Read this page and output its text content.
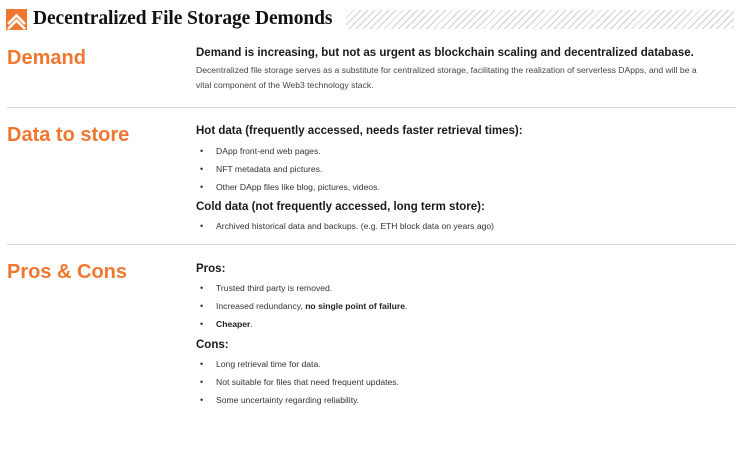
Decentralized File Storage Demonds
Demand	Demand is increasing, but not as urgent as blockchain scaling and decentralized database.
Decentralized file storage serves as a substitute for centralized storage, facilitating the realization of serverless DApps, and will be a vital component of the Web3 technology stack.
Data to store	Hot data (frequently accessed, needs faster retrieval times):
• DApp front-end web pages.
• NFT metadata and pictures.
• Other DApp files like blog, pictures, videos.
Cold data (not frequently accessed, long term store):
• Archived historical data and backups. (e.g. ETH block data on years ago)
Pros & Cons	Pros:
• Trusted third party is removed.
• Increased redundancy, no single point of failure.
• Cheaper.
Cons:
• Long retrieval time for data.
• Not suitable for files that need frequent updates.
• Some uncertainty regarding reliability.
